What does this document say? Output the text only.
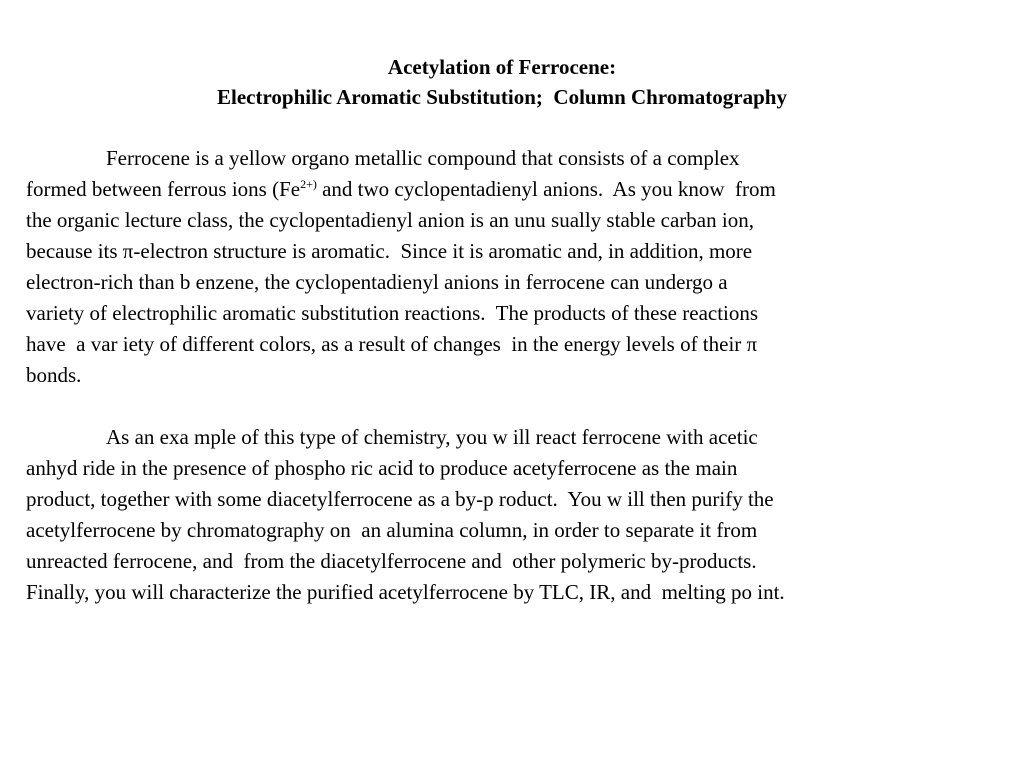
Acetylation of Ferrocene:
Electrophilic Aromatic Substitution;  Column Chromatography
Ferrocene is a yellow organo metallic compound that consists of a complex
formed between ferrous ions ($Fe^{2+)}$ and two cyclopentadienyl anions.  As you know  from
the organic lecture class, the cyclopentadienyl anion is an unu sually stable carban ion,
because its π-electron structure is aromatic.  Since it is aromatic and, in addition, more
electron-rich than b enzene, the cyclopentadienyl anions in ferrocene can undergo a
variety of electrophilic aromatic substitution reactions.  The products of these reactions
have  a var iety of different colors, as a result of changes  in the energy levels of their π
bonds.
As an exa mple of this type of chemistry, you w ill react ferrocene with acetic
anhyd ride in the presence of phospho ric acid to produce acetyferrocene as the main
product, together with some diacetylferrocene as a by-p roduct.  You w ill then purify the
acetylferrocene by chromatography on  an alumina column, in order to separate it from
unreacted ferrocene, and  from the diacetylferrocene and  other polymeric by-products.
Finally, you will characterize the purified acetylferrocene by TLC, IR, and  melting po int.
